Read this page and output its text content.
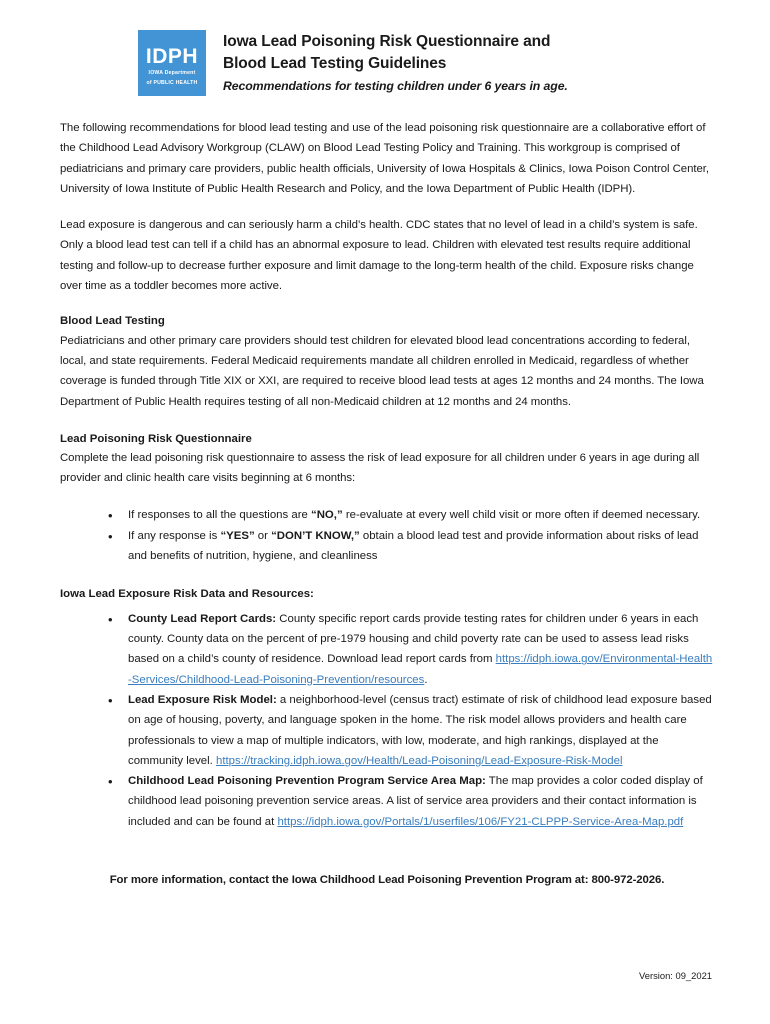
IDPH
IOWA Department
of PUBLIC HEALTH
Iowa Lead Poisoning Risk Questionnaire and
Blood Lead Testing Guidelines
Recommendations for testing children under 6 years in age.

The following recommendations for blood lead testing and use of the lead poisoning risk questionnaire are a collaborative effort of the Childhood Lead Advisory Workgroup (CLAW) on Blood Lead Testing Policy and Training. This workgroup is comprised of pediatricians and primary care providers, public health officials, University of Iowa Hospitals & Clinics, Iowa Poison Control Center, University of Iowa Institute of Public Health Research and Policy, and the Iowa Department of Public Health (IDPH).

Lead exposure is dangerous and can seriously harm a child’s health. CDC states that no level of lead in a child’s system is safe. Only a blood lead test can tell if a child has an abnormal exposure to lead. Children with elevated test results require additional testing and follow-up to decrease further exposure and limit damage to the long-term health of the child. Exposure risks change over time as a toddler becomes more active.

Blood Lead Testing

Pediatricians and other primary care providers should test children for elevated blood lead concentrations according to federal, local, and state requirements. Federal Medicaid requirements mandate all children enrolled in Medicaid, regardless of whether coverage is funded through Title XIX or XXI, are required to receive blood lead tests at ages 12 months and 24 months. The Iowa Department of Public Health requires testing of all non-Medicaid children at 12 months and 24 months.

Lead Poisoning Risk Questionnaire

Complete the lead poisoning risk questionnaire to assess the risk of lead exposure for all children under 6 years in age during all provider and clinic health care visits beginning at 6 months:

• If responses to all the questions are “NO,” re-evaluate at every well child visit or more often if deemed necessary.
• If any response is “YES” or “DON’T KNOW,” obtain a blood lead test and provide information about risks of lead and benefits of nutrition, hygiene, and cleanliness
Iowa Lead Exposure Risk Data and Resources:
• County Lead Report Cards: County specific report cards provide testing rates for children under 6 years in each county. County data on the percent of pre-1979 housing and child poverty rate can be used to assess lead risks based on a child’s county of residence. Download lead report cards from https://idph.iowa.gov/Environmental-Health-Services/Childhood-Lead-Poisoning-Prevention/resources.
• Lead Exposure Risk Model: a neighborhood-level (census tract) estimate of risk of childhood lead exposure based on age of housing, poverty, and language spoken in the home. The risk model allows providers and health care professionals to view a map of multiple indicators, with low, moderate, and high rankings, displayed at the community level. https://tracking.idph.iowa.gov/Health/Lead-Poisoning/Lead-Exposure-Risk-Model
• Childhood Lead Poisoning Prevention Program Service Area Map: The map provides a color coded display of childhood lead poisoning prevention service areas. A list of service area providers and their contact information is included and can be found at https://idph.iowa.gov/Portals/1/userfiles/106/FY21-CLPPP-Service-Area-Map.pdf
For more information, contact the Iowa Childhood Lead Poisoning Prevention Program at: 800-972-2026.
Version: 09_2021
